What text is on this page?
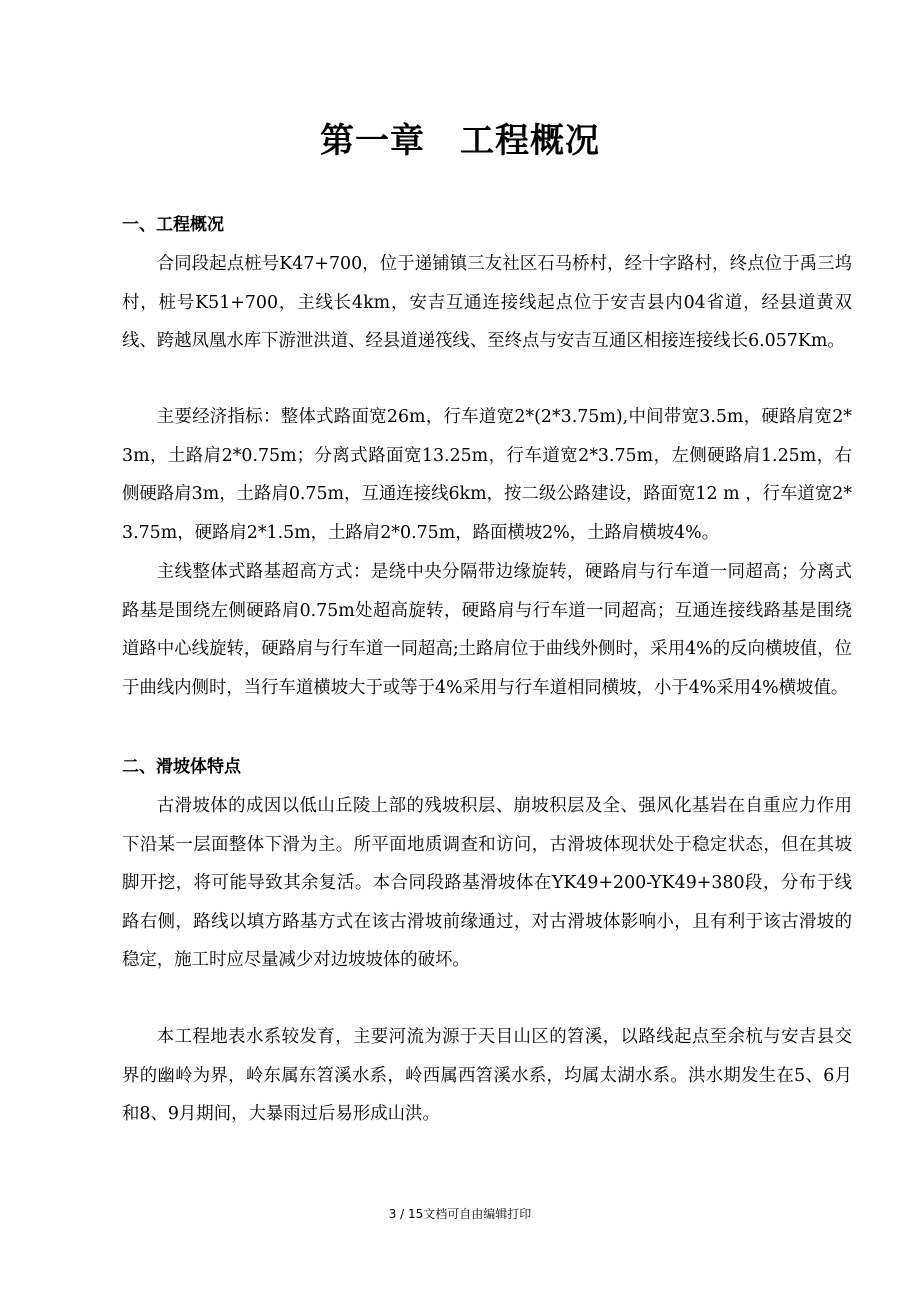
第一章　工程概况
一、工程概况

合同段起点桩号K47+700，位于递铺镇三友社区石马桥村，经十字路村，终点位于禹三坞村，桩号K51+700，主线长4km，安吉互通连接线起点位于安吉县内04省道，经县道黄双线、跨越凤凰水库下游泄洪道、经县道递筏线、至终点与安吉互通区相接连接线长6.057Km。

主要经济指标：整体式路面宽26m，行车道宽2*(2*3.75m),中间带宽3.5m，硬路肩宽2*3m，土路肩2*0.75m；分离式路面宽13.25m，行车道宽2*3.75m，左侧硬路肩1.25m，右侧硬路肩3m，土路肩0.75m，互通连接线6km，按二级公路建设，路面宽12 m ，行车道宽2*3.75m，硬路肩2*1.5m，土路肩2*0.75m，路面横坡2%，土路肩横坡4%。

主线整体式路基超高方式：是绕中央分隔带边缘旋转，硬路肩与行车道一同超高；分离式路基是围绕左侧硬路肩0.75m处超高旋转，硬路肩与行车道一同超高；互通连接线路基是围绕道路中心线旋转，硬路肩与行车道一同超高;土路肩位于曲线外侧时，采用4%的反向横坡值，位于曲线内侧时，当行车道横坡大于或等于4%采用与行车道相同横坡，小于4%采用4%横坡值。

二、滑坡体特点

古滑坡体的成因以低山丘陵上部的残坡积层、崩坡积层及全、强风化基岩在自重应力作用下沿某一层面整体下滑为主。所平面地质调查和访问，古滑坡体现状处于稳定状态，但在其坡脚开挖，将可能导致其余复活。本合同段路基滑坡体在YK49+200-YK49+380段，分布于线路右侧，路线以填方路基方式在该古滑坡前缘通过，对古滑坡体影响小，且有利于该古滑坡的稳定，施工时应尽量减少对边坡坡体的破坏。

本工程地表水系较发育，主要河流为源于天目山区的笤溪，以路线起点至余杭与安吉县交界的幽岭为界，岭东属东笤溪水系，岭西属西笤溪水系，均属太湖水系。洪水期发生在5、6月和8、9月期间，大暴雨过后易形成山洪。

3 / 15文档可自由编辑打印
